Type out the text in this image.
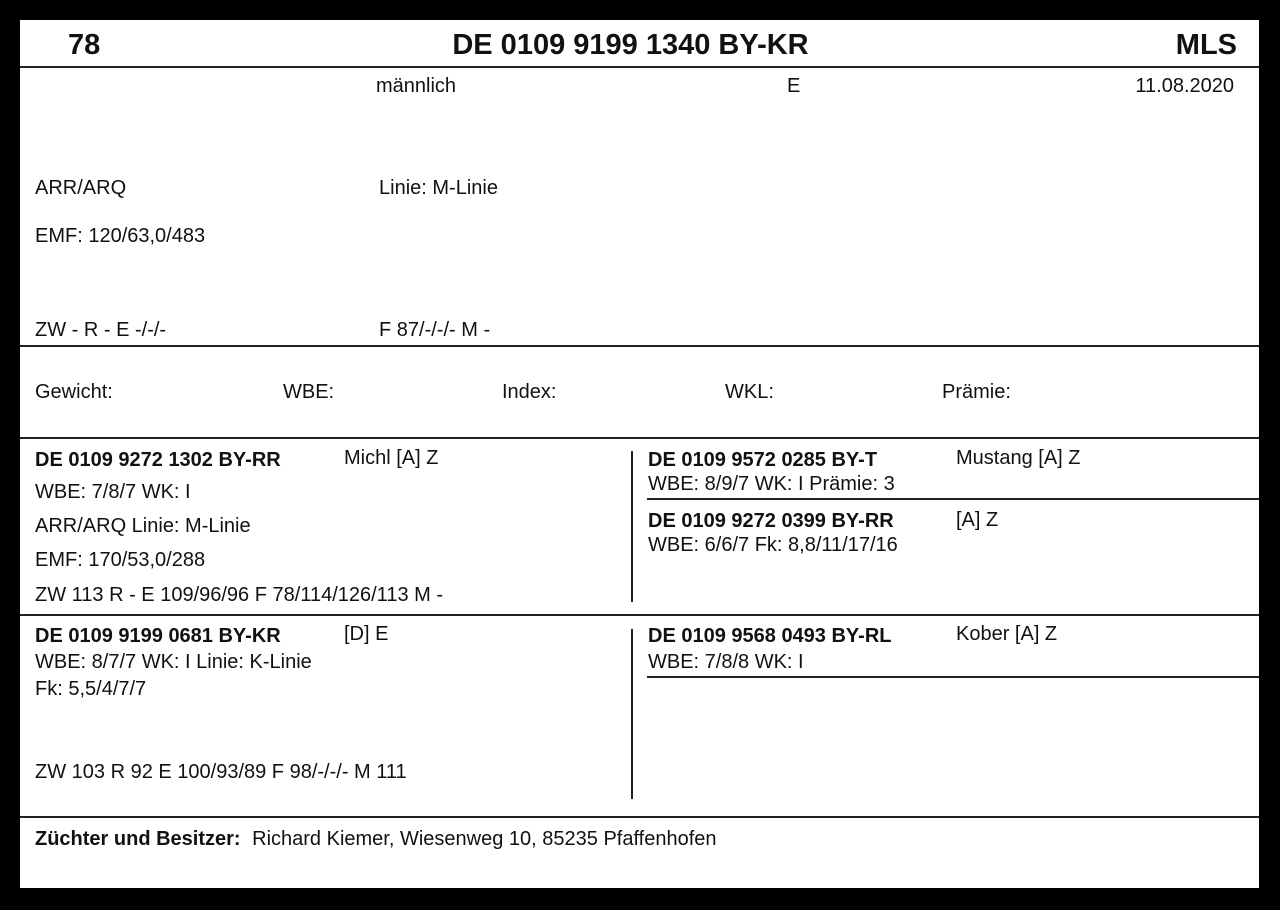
78	DE 0109 9199 1340 BY-KR	MLS
männlich	E	11.08.2020
ARR/ARQ	Linie: M-Linie
EMF: 120/63,0/483
ZW - R - E -/-/-	F 87/-/-/- M -
Gewicht:	WBE:	Index:	WKL:	Prämie:
DE 0109 9272 1302 BY-RR	Michl [A] Z
WBE: 7/8/7 WK: I
ARR/ARQ Linie: M-Linie
EMF: 170/53,0/288
ZW 113 R - E 109/96/96 F 78/114/126/113 M -
DE 0109 9572 0285 BY-T	Mustang [A] Z
WBE: 8/9/7 WK: I Prämie: 3
DE 0109 9272 0399 BY-RR	[A] Z
WBE: 6/6/7 Fk: 8,8/11/17/16
DE 0109 9199 0681 BY-KR	[D] E
WBE: 8/7/7 WK: I Linie: K-Linie
Fk: 5,5/4/7/7
ZW 103 R 92 E 100/93/89 F 98/-/-/- M 111
DE 0109 9568 0493 BY-RL	Kober [A] Z
WBE: 7/8/8 WK: I
Züchter und Besitzer: Richard Kiemer, Wiesenweg 10, 85235 Pfaffenhofen
